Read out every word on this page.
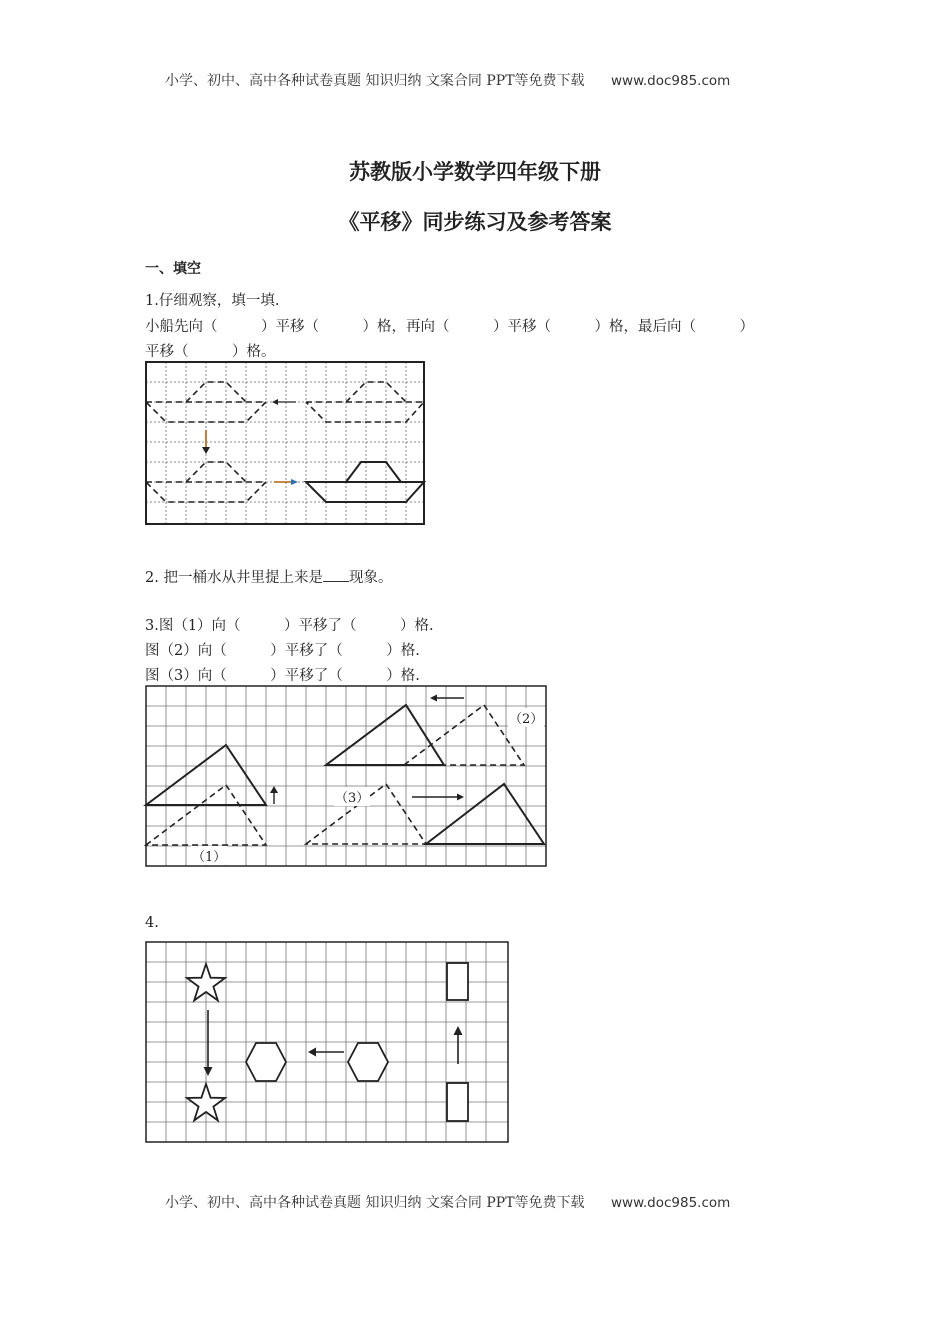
小学、初中、高中各种试卷真题 知识归纳 文案合同 PPT等免费下载 www.doc985.com
苏教版小学数学四年级下册
《平移》同步练习及参考答案
一、填空
1.仔细观察，填一填.
小船先向（　　　）平移（　　　）格，再向（　　　）平移（　　　）格，最后向（　　　）
平移（　　　）格。
2. 把一桶水从井里提上来是 现象。
3.图（1）向（　　　）平移了（　　　）格.
图（2）向（　　　）平移了（　　　）格.
图（3）向（　　　）平移了（　　　）格.
（1）
（2）
（3）
4.
小学、初中、高中各种试卷真题 知识归纳 文案合同 PPT等免费下载 www.doc985.com
